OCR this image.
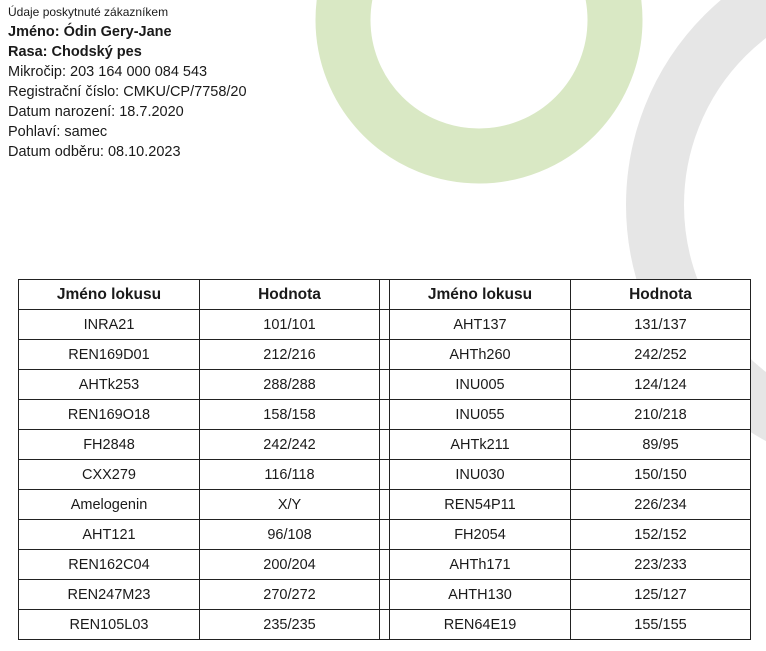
Údaje poskytnuté zákazníkem
Jméno: Ódin Gery-Jane
Rasa: Chodský pes
Mikročip: 203 164 000 084 543
Registrační číslo: CMKU/CP/7758/20
Datum narození: 18.7.2020
Pohlaví: samec
Datum odběru: 08.10.2023
Jméno lokusu	Hodnota		Jméno lokusu	Hodnota
INRA21	101/101		AHT137	131/137
REN169D01	212/216		AHTh260	242/252
AHTk253	288/288		INU005	124/124
REN169O18	158/158		INU055	210/218
FH2848	242/242		AHTk211	89/95
CXX279	116/118		INU030	150/150
Amelogenin	X/Y		REN54P11	226/234
AHT121	96/108		FH2054	152/152
REN162C04	200/204		AHTh171	223/233
REN247M23	270/272		AHTH130	125/127
REN105L03	235/235		REN64E19	155/155
